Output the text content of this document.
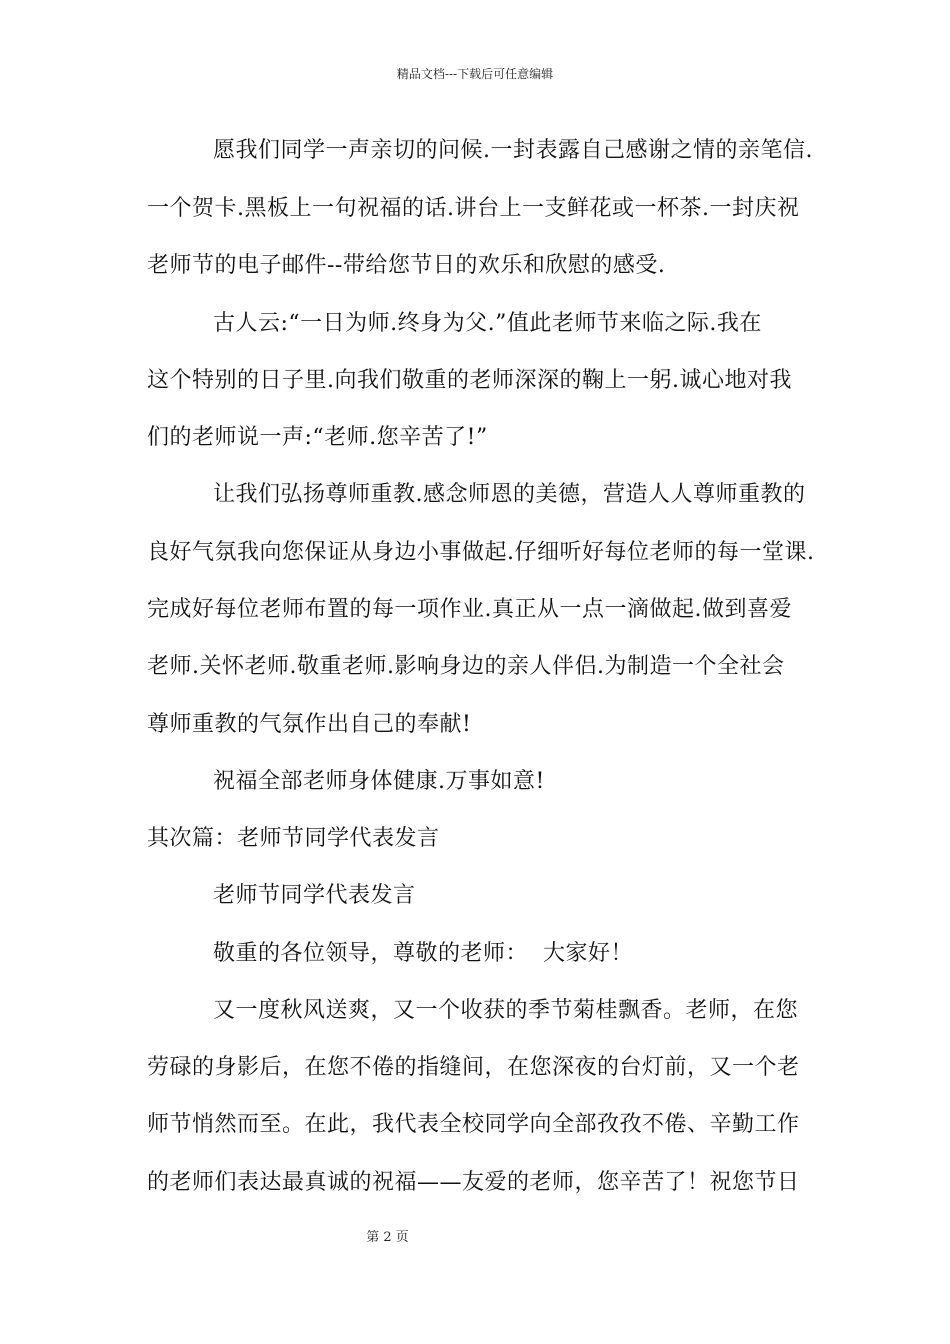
精品文档---下载后可任意编辑
愿我们同学一声亲切的问候.一封表露自己感谢之情的亲笔信.
一个贺卡.黑板上一句祝福的话.讲台上一支鲜花或一杯茶.一封庆祝
老师节的电子邮件--带给您节日的欢乐和欣慰的感受.
古人云:“一日为师.终身为父.”值此老师节来临之际.我在
这个特别的日子里.向我们敬重的老师深深的鞠上一躬.诚心地对我
们的老师说一声:“老师.您辛苦了!”
让我们弘扬尊师重教.感念师恩的美德，营造人人尊师重教的
良好气氛我向您保证从身边小事做起.仔细听好每位老师的每一堂课.
完成好每位老师布置的每一项作业.真正从一点一滴做起.做到喜爱
老师.关怀老师.敬重老师.影响身边的亲人伴侣.为制造一个全社会
尊师重教的气氛作出自己的奉献!
祝福全部老师身体健康.万事如意!
其次篇：老师节同学代表发言
老师节同学代表发言
敬重的各位领导，尊敬的老师：  大家好！
又一度秋风送爽，又一个收获的季节菊桂飘香。老师，在您
劳碌的身影后，在您不倦的指缝间，在您深夜的台灯前，又一个老
师节悄然而至。在此，我代表全校同学向全部孜孜不倦、辛勤工作
的老师们表达最真诚的祝福——友爱的老师，您辛苦了！祝您节日
第 2 页
